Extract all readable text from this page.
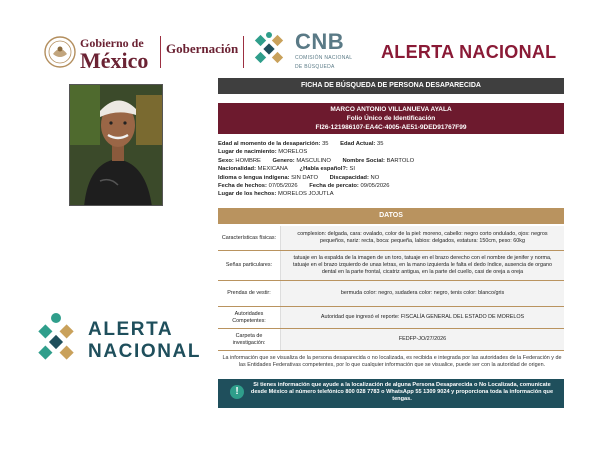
Gobierno de
México Gobernación	CNB
COMISIÓN NACIONAL
DE BÚSQUEDA
ALERTA NACIONAL
ALERTA
NACIONAL
FICHA DE BÚSQUEDA DE PERSONA DESAPARECIDA
MARCO ANTONIO VILLANUEVA AYALA
Folio Único de Identificación
FI26-121986107-EA4C-4005-AE51-9DED91767F99
Edad al momento de la desaparición: 35 Edad Actual: 35
Lugar de nacimiento: MORELOS
Sexo: HOMBRE Genero: MASCULINO Nombre Social: BARTOLO
Nacionalidad: MEXICANA ¿Habla español?: SI
Idioma o lengua indígena: SIN DATO Discapacidad: NO
Fecha de hechos: 07/05/2026 Fecha de percato: 09/05/2026
Lugar de los hechos: MORELOS JOJUTLA
DATOS
Características físicas:
complexion: delgada, cara: ovalado, color de la piel: moreno, cabello: negro corto ondulado, ojos: negros pequeños, nariz: recta, boca: pequeña, labios: delgados, estatura: 150cm, peso: 60kg
Señas particulares:
tatuaje en la espalda de la imagen de un toro, tatuaje en el brazo derecho con el nombre de jenifer y norma, tatuaje en el brazo izquierdo de unas letras, en la mano izquierda le falta el dedo índice, ausencia de organo dental en la parte frontal, cicatriz antigua, en la parte del cuello, casi de oreja a oreja
Prendas de vestir:	bermuda color: negro, sudadera color: negro, tenis color: blanco/gris
Autoridades Competentes:
Autoridad que ingresó el reporte: FISCALÍA GENERAL DEL ESTADO DE MORELOS
Carpeta de investigación:
FEDFP-JO/27/2026
La información que se visualiza de la persona desaparecida o no localizada, es recibida e integrada por las autoridades de la Federación y de las Entidades Federativas competentes, por lo que cualquier información que se visualice, puede ser con la autoridad de origen.
!
Si tienes información que ayude a la localización de alguna Persona Desaparecida o No Localizada, comunicate desde México al número telefónico 800 028 7783 o WhatsApp 55 1309 9024 y proporciona toda la información que tengas.
